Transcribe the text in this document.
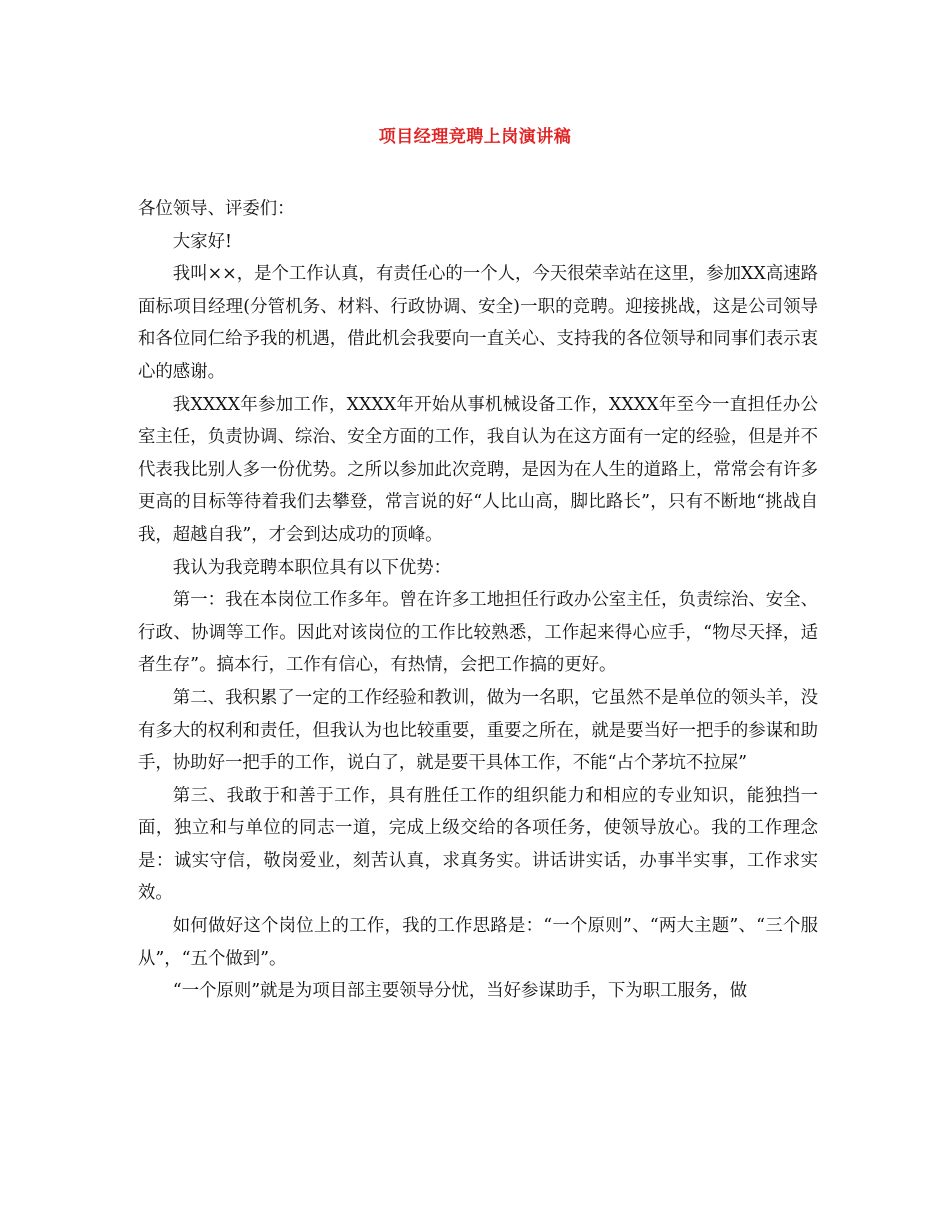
项目经理竞聘上岗演讲稿

各位领导、评委们：

大家好!

我叫××，是个工作认真，有责任心的一个人，今天很荣幸站在这里，参加XX高速路面标项目经理(分管机务、材料、行政协调、安全)一职的竞聘。迎接挑战，这是公司领导和各位同仁给予我的机遇，借此机会我要向一直关心、支持我的各位领导和同事们表示衷心的感谢。

我XXXX年参加工作，XXXX年开始从事机械设备工作，XXXX年至今一直担任办公室主任，负责协调、综治、安全方面的工作，我自认为在这方面有一定的经验，但是并不代表我比别人多一份优势。之所以参加此次竞聘，是因为在人生的道路上，常常会有许多更高的目标等待着我们去攀登，常言说的好“人比山高，脚比路长”，只有不断地“挑战自我，超越自我”，才会到达成功的顶峰。

我认为我竞聘本职位具有以下优势：

第一：我在本岗位工作多年。曾在许多工地担任行政办公室主任，负责综治、安全、行政、协调等工作。因此对该岗位的工作比较熟悉，工作起来得心应手，“物尽天择，适者生存”。搞本行，工作有信心，有热情，会把工作搞的更好。

第二、我积累了一定的工作经验和教训，做为一名职，它虽然不是单位的领头羊，没有多大的权利和责任，但我认为也比较重要，重要之所在，就是要当好一把手的参谋和助手，协助好一把手的工作，说白了，就是要干具体工作，不能“占个茅坑不拉屎”

第三、我敢于和善于工作，具有胜任工作的组织能力和相应的专业知识，能独挡一面，独立和与单位的同志一道，完成上级交给的各项任务，使领导放心。我的工作理念是：诚实守信，敬岗爱业，刻苦认真，求真务实。讲话讲实话，办事半实事，工作求实效。

如何做好这个岗位上的工作，我的工作思路是：“一个原则”、“两大主题”、“三个服从”，“五个做到”。

“一个原则”就是为项目部主要领导分忧，当好参谋助手，下为职工服务，做
